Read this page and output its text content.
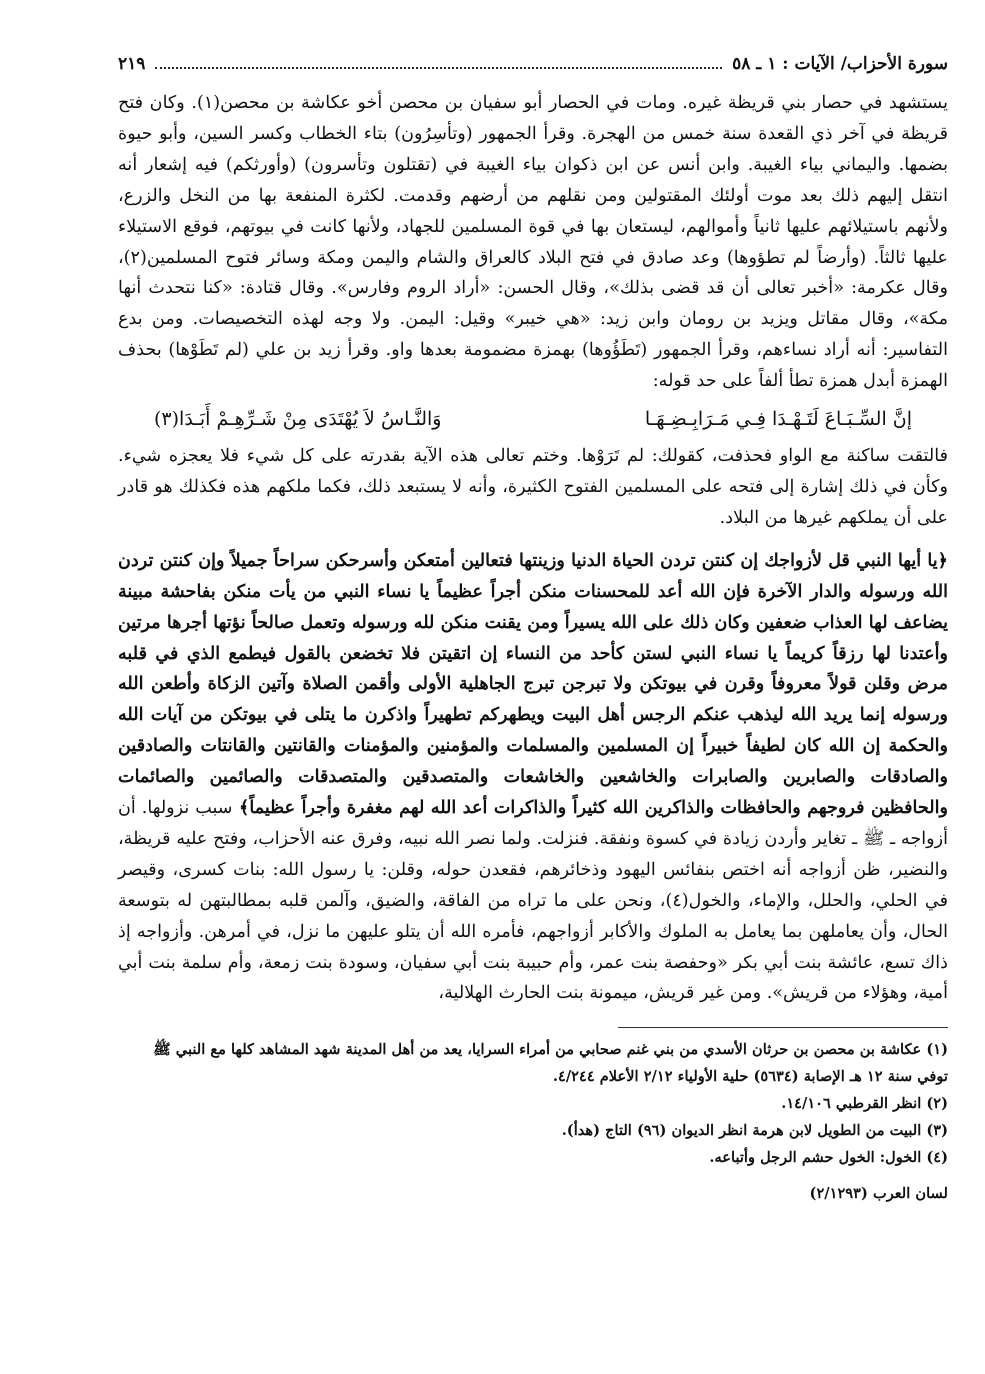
سورة الأحزاب/ الآيات : ١ ـ ٥٨
٢١٩

يستشهد في حصار بني قريظة غيره. ومات في الحصار أبو سفيان بن محصن أخو عكاشة بن محصن(١). وكان فتح قريظة في آخر ذي القعدة سنة خمس من الهجرة. وقرأ الجمهور (وتأسِرُون) بتاء الخطاب وكسر السين، وأبو حيوة بضمها. واليماني بياء الغيبة. وابن أنس عن ابن ذكوان بياء الغيبة في (تقتلون وتأسرون) (وأورثكم) فيه إشعار أنه انتقل إليهم ذلك بعد موت أولئك المقتولين ومن نقلهم من أرضهم وقدمت. لكثرة المنفعة بها من النخل والزرع، ولأنهم باستيلائهم عليها ثانياً وأموالهم، ليستعان بها في قوة المسلمين للجهاد، ولأنها كانت في بيوتهم، فوقع الاستيلاء عليها ثالثاً. (وأرضاً لم تطؤوها) وعد صادق في فتح البلاد كالعراق والشام واليمن ومكة وسائر فتوح المسلمين(٢)، وقال عكرمة: «أخبر تعالى أن قد قضى بذلك»، وقال الحسن: «أراد الروم وفارس». وقال قتادة: «كنا نتحدث أنها مكة»، وقال مقاتل ويزيد بن رومان وابن زيد: «هي خيبر» وقيل: اليمن. ولا وجه لهذه التخصيصات. ومن بدع التفاسير: أنه أراد نساءهم، وقرأ الجمهور (تَطَؤُوها) بهمزة مضمومة بعدها واو. وقرأ زيد بن علي (لم تَطَوْها) بحذف الهمزة أبدل همزة تطأ ألفاً على حد قوله:

إنَّ السِّـبَـاعَ لَتَـهْـدَا فِـي مَـرَابِـضِـهَـا
وَالنَّـاسُ لاَ يُهْتَدَى مِنْ شَـرِّهِـمْ أَبَـدَا(٣)

فالتقت ساكنة مع الواو فحذفت، كقولك: لم تَرَوْها. وختم تعالى هذه الآية بقدرته على كل شيء فلا يعجزه شيء. وكأن في ذلك إشارة إلى فتحه على المسلمين الفتوح الكثيرة، وأنه لا يستبعد ذلك، فكما ملكهم هذه فكذلك هو قادر على أن يملكهم غيرها من البلاد.

﴿يا أيها النبي قل لأزواجك إن كنتن تردن الحياة الدنيا وزينتها فتعالين أمتعكن وأسرحكن سراحاً جميلاً وإن كنتن تردن الله ورسوله والدار الآخرة فإن الله أعد للمحسنات منكن أجراً عظيماً يا نساء النبي من يأت منكن بفاحشة مبينة يضاعف لها العذاب ضعفين وكان ذلك على الله يسيراً ومن يقنت منكن لله ورسوله وتعمل صالحاً نؤتها أجرها مرتين وأعتدنا لها رزقاً كريماً يا نساء النبي لستن كأحد من النساء إن اتقيتن فلا تخضعن بالقول فيطمع الذي في قلبه مرض وقلن قولاً معروفاً وقرن في بيوتكن ولا تبرجن تبرج الجاهلية الأولى وأقمن الصلاة وآتين الزكاة وأطعن الله ورسوله إنما يريد الله ليذهب عنكم الرجس أهل البيت ويطهركم تطهيراً واذكرن ما يتلى في بيوتكن من آيات الله والحكمة إن الله كان لطيفاً خبيراً إن المسلمين والمسلمات والمؤمنين والمؤمنات والقانتين والقانتات والصادقين والصادقات والصابرين والصابرات والخاشعين والخاشعات والمتصدقين والمتصدقات والصائمين والصائمات والحافظين فروجهم والحافظات والذاكرين الله كثيراً والذاكرات أعد الله لهم مغفرة وأجراً عظيماً﴾ سبب نزولها. أن أزواجه ـ ﷺ ـ تغاير وأردن زيادة في كسوة ونفقة. فنزلت. ولما نصر الله نبيه، وفرق عنه الأحزاب، وفتح عليه قريظة، والنضير، ظن أزواجه أنه اختص بنفائس اليهود وذخائرهم، فقعدن حوله، وقلن: يا رسول الله: بنات كسرى، وقيصر في الحلي، والحلل، والإماء، والخول(٤)، ونحن على ما تراه من الفاقة، والضيق، وآلمن قلبه بمطالبتهن له بتوسعة الحال، وأن يعاملهن بما يعامل به الملوك والأكابر أزواجهم، فأمره الله أن يتلو عليهن ما نزل، في أمرهن. وأزواجه إذ ذاك تسع، عائشة بنت أبي بكر «وحفصة بنت عمر، وأم حبيبة بنت أبي سفيان، وسودة بنت زمعة، وأم سلمة بنت أبي أمية، وهؤلاء من قريش». ومن غير قريش، ميمونة بنت الحارث الهلالية،

(١) عكاشة بن محصن بن حرثان الأسدي من بني غنم صحابي من أمراء السرايا، يعد من أهل المدينة شهد المشاهد كلها مع النبي ﷺ توفي سنة ١٢ هـ الإصابة (٥٦٣٤) حلية الأولياء ٢/١٢ الأعلام ٤/٢٤٤.

(٢) انظر القرطبي ١٤/١٠٦.

(٣) البيت من الطويل لابن هرمة انظر الديوان (٩٦) التاج (هدأ).

(٤) الخول: الخول حشم الرجل وأتباعه.

لسان العرب (٢/١٢٩٣)
